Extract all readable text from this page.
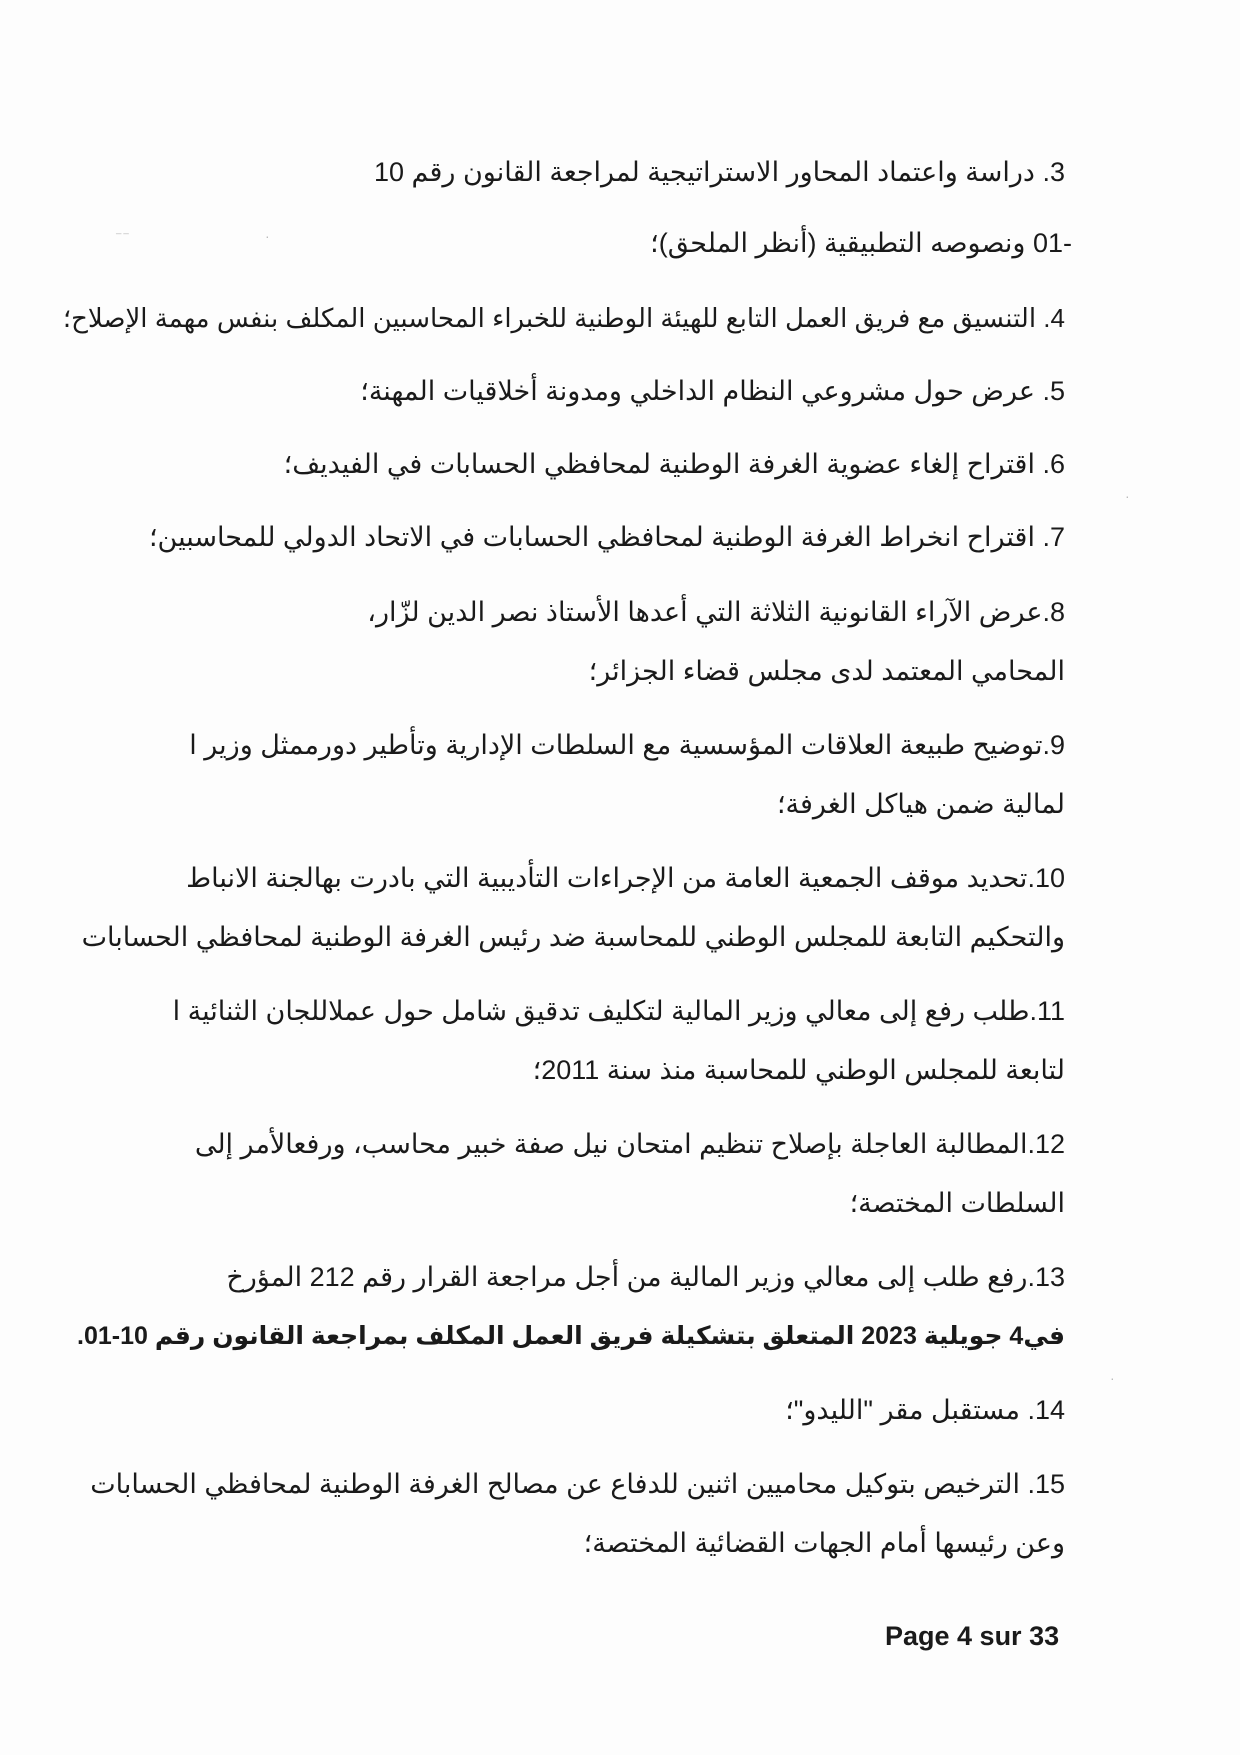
⁻⁻	·
·
·
3. دراسة واعتماد المحاور الاستراتيجية لمراجعة القانون رقم 10
-01 ونصوصه التطبيقية (أنظر الملحق)؛
4. التنسيق مع فريق العمل التابع للهيئة الوطنية للخبراء المحاسبين المكلف بنفس مهمة الإصلاح؛
5. عرض حول مشروعي النظام الداخلي ومدونة أخلاقيات المهنة؛
6. اقتراح إلغاء عضوية الغرفة الوطنية لمحافظي الحسابات في الفيديف؛
7. اقتراح انخراط الغرفة الوطنية لمحافظي الحسابات في الاتحاد الدولي للمحاسبين؛
8.عرض الآراء القانونية الثلاثة التي أعدها الأستاذ نصر الدين لزّار،
المحامي المعتمد لدى مجلس قضاء الجزائر؛
9.توضيح طبيعة العلاقات المؤسسية مع السلطات الإدارية وتأطير دورممثل وزير ا
لمالية ضمن هياكل الغرفة؛
10.تحديد موقف الجمعية العامة من الإجراءات التأديبية التي بادرت بهالجنة الانباط
والتحكيم التابعة للمجلس الوطني للمحاسبة ضد رئيس الغرفة الوطنية لمحافظي الحسابات
11.طلب رفع إلى معالي وزير المالية لتكليف تدقيق شامل حول عملاللجان الثنائية ا
لتابعة للمجلس الوطني للمحاسبة منذ سنة 2011؛
12.المطالبة العاجلة بإصلاح تنظيم امتحان نيل صفة خبير محاسب، ورفعالأمر إلى
السلطات المختصة؛
13.رفع طلب إلى معالي وزير المالية من أجل مراجعة القرار رقم 212 المؤرخ
في4 جويلية 2023 المتعلق بتشكيلة فريق العمل المكلف بمراجعة القانون رقم 10-01.
14. مستقبل مقر "الليدو"؛
15. الترخيص بتوكيل محاميين اثنين للدفاع عن مصالح الغرفة الوطنية لمحافظي الحسابات
وعن رئيسها أمام الجهات القضائية المختصة؛
Page 4 sur 33
